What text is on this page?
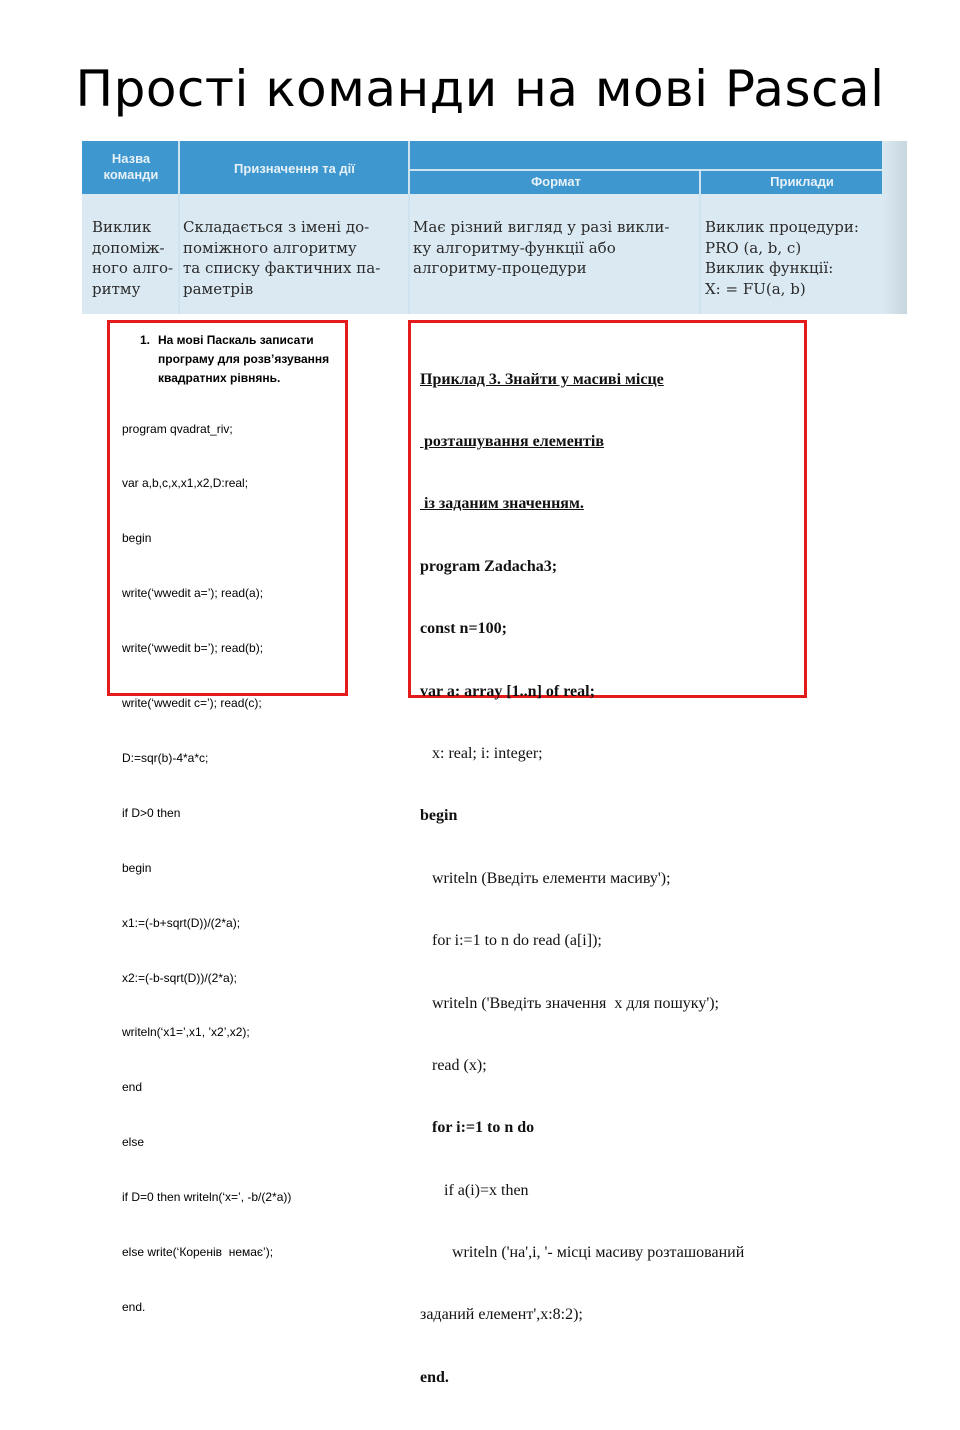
Прості команди на мові Pascal
Назва команди	Призначення та дії
Формат	Приклади
Виклик
допоміж-
ного алго-
ритму
Складається з імені до-
поміжного алгоритму
та списку фактичних па-
раметрів
Має різний вигляд у разі викли-
ку алгоритму-функції або
алгоритму-процедури
Виклик процедури:
PRO (a, b, c)
Виклик функції:
X: = FU(a, b)
1. На мові Паскаль записати
програму для розв’язування
квадратних рівнянь.

program qvadrat_riv;

var a,b,c,x,x1,x2,D:real;

begin

write(‘wwedit a=’); read(a);

write(‘wwedit b=’); read(b);

write(‘wwedit c=’); read(c);

D:=sqr(b)-4*a*c;

if D>0 then

begin

x1:=(-b+sqrt(D))/(2*a);

x2:=(-b-sqrt(D))/(2*a);

writeln(‘x1=’,x1, ’x2’,x2);

end

else

if D=0 then writeln(‘x=’, -b/(2*a))

else write(‘Коренів  немає’);

end.

Приклад 3. Знайти у масиві місце

розташування елементів

із заданим значенням.

program Zadacha3;

const n=100;

var a: array [1..n] of real;

x: real; i: integer;

begin

writeln (Введіть елементи масиву');

for i:=1 to n do read (a[i]);

writeln ('Введіть значення  x для пошуку');

read (x);

for i:=1 to n do

if a(i)=x then

writeln ('на',i, '- місці масиву розташований

заданий елемент',x:8:2);

end.
